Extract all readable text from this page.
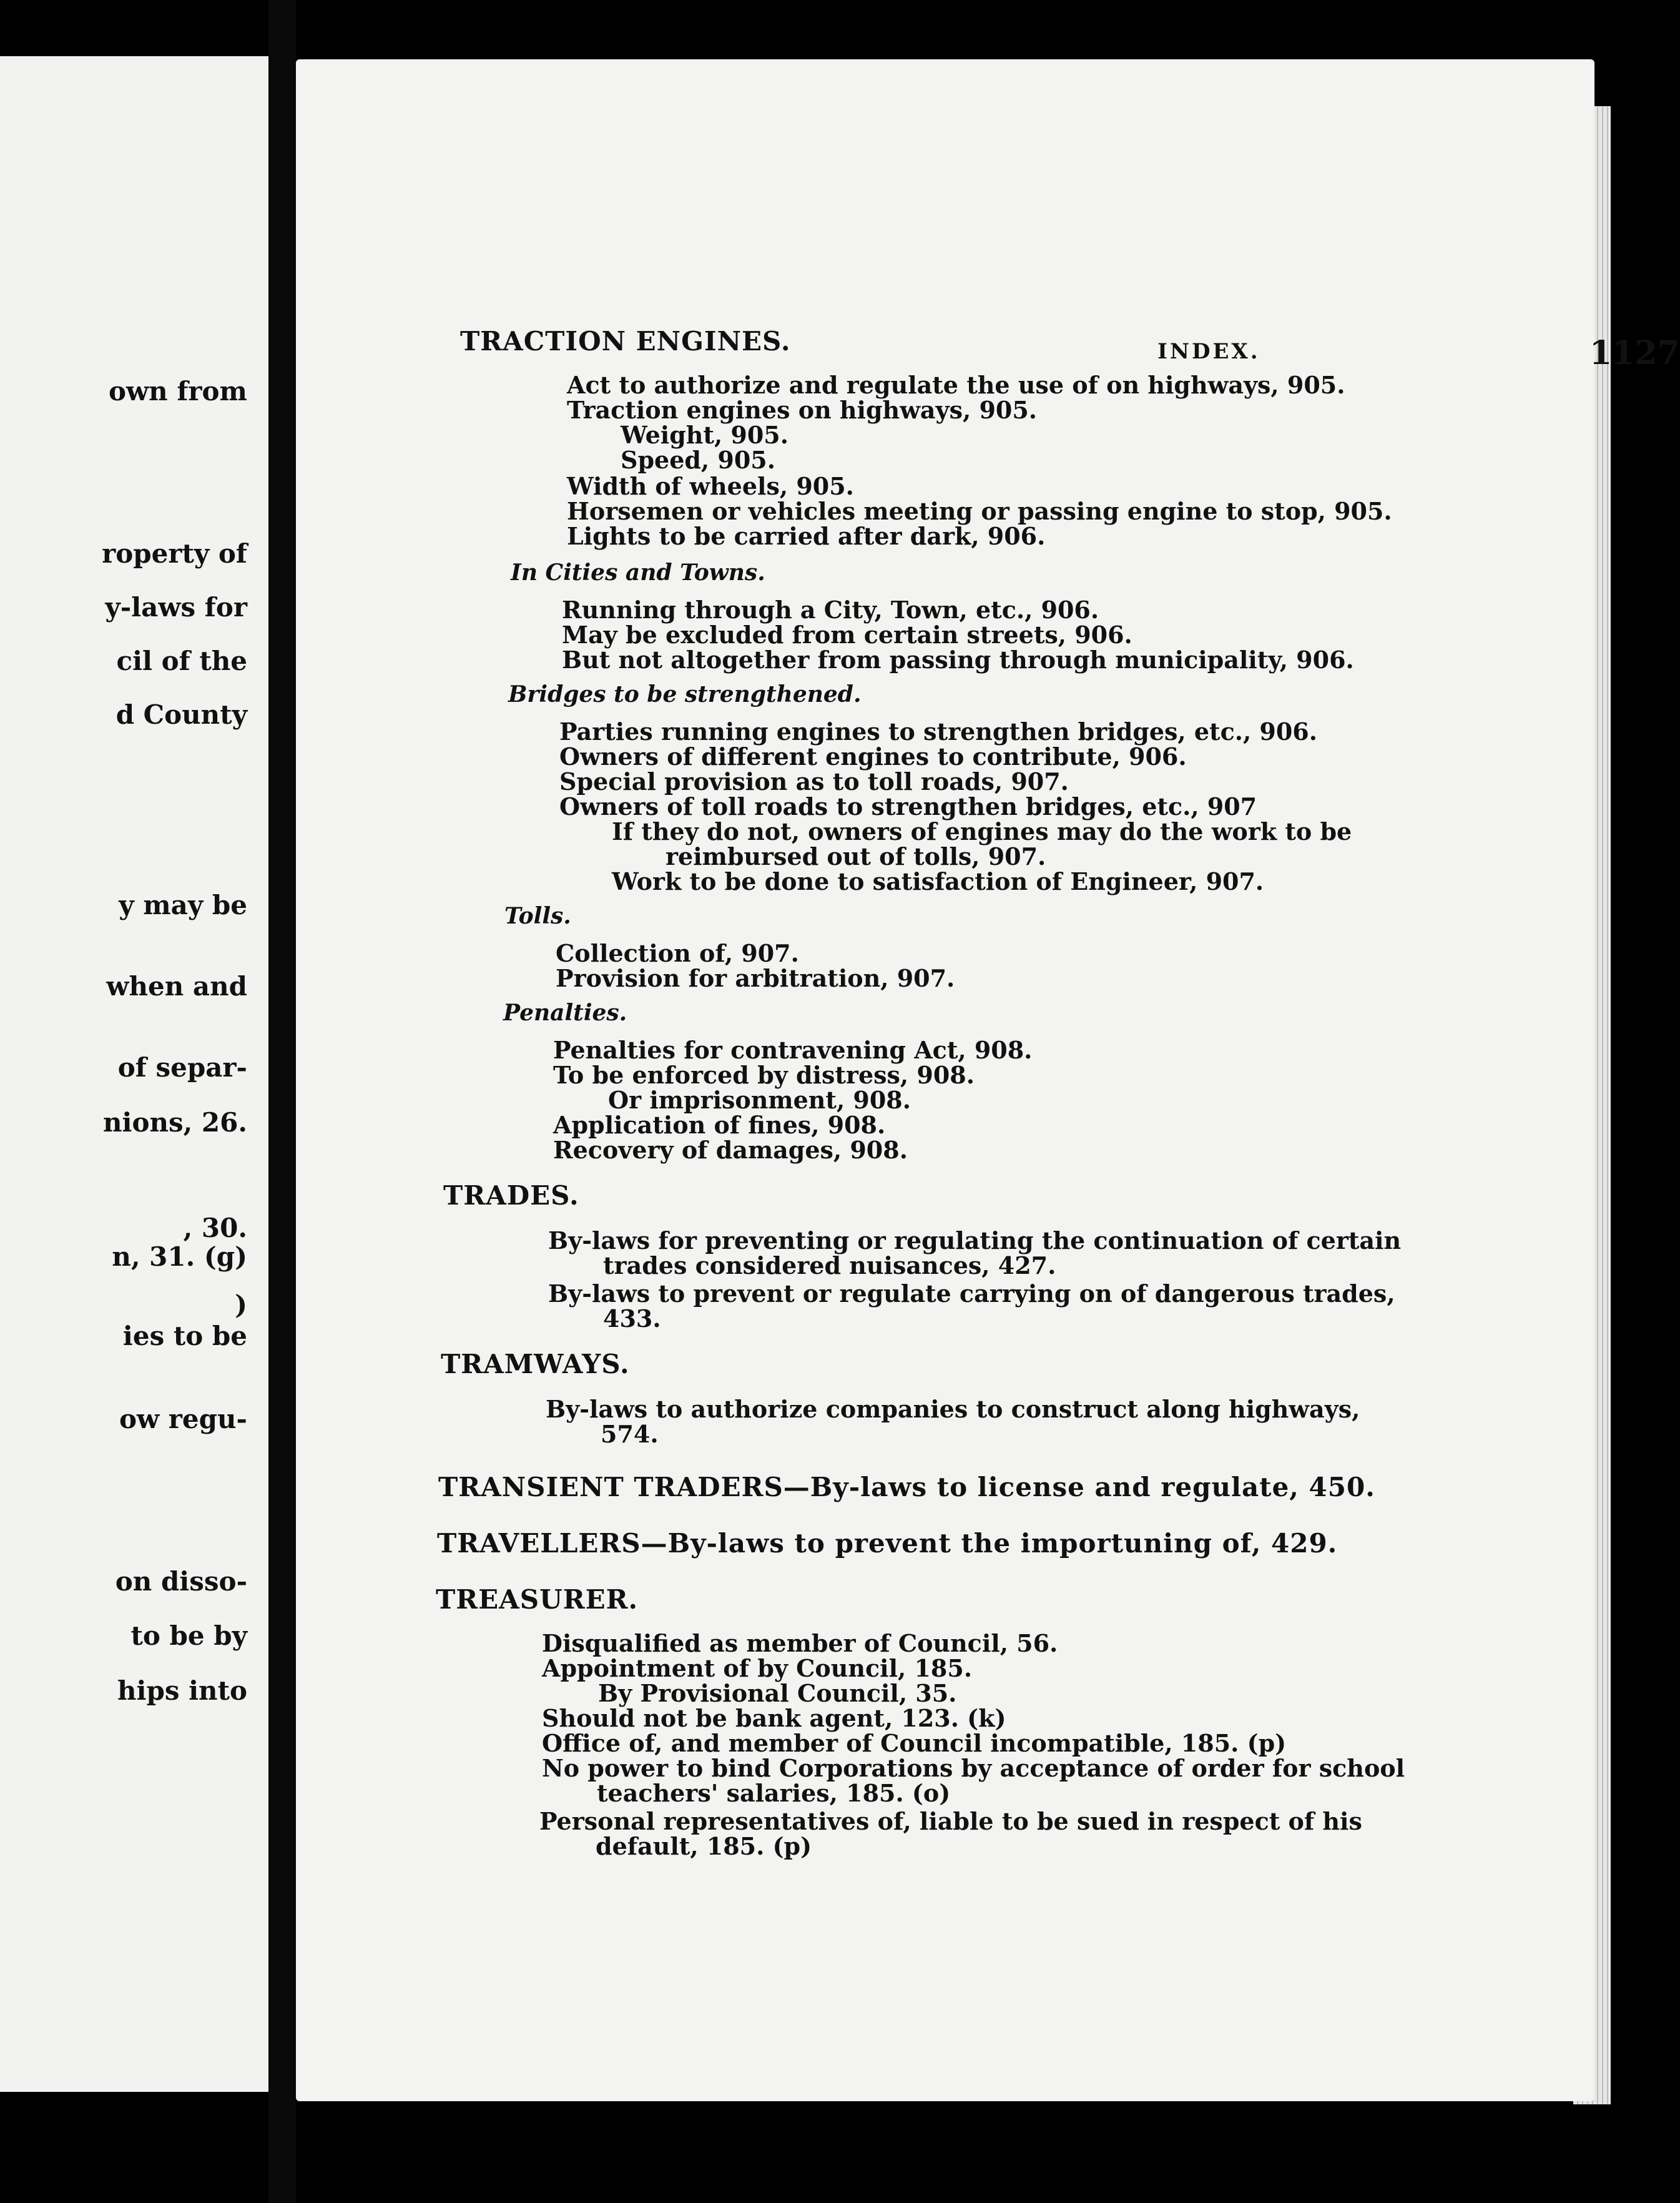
own from
roperty of
y-laws for
cil of the
d County
y may be
when and
of separ-
nions, 26.
, 30.
n, 31. (g)
)
ies to be
ow regu-
on disso-
to be by
hips into
INDEX.	1127
TRACTION ENGINES.
Act to authorize and regulate the use of on highways, 905.
Traction engines on highways, 905.
Weight, 905.
Speed, 905.
Width of wheels, 905.
Horsemen or vehicles meeting or passing engine to stop, 905.
Lights to be carried after dark, 906.
In Cities and Towns.
Running through a City, Town, etc., 906.
May be excluded from certain streets, 906.
But not altogether from passing through municipality, 906.
Bridges to be strengthened.
Parties running engines to strengthen bridges, etc., 906.
Owners of different engines to contribute, 906.
Special provision as to toll roads, 907.
Owners of toll roads to strengthen bridges, etc., 907
If they do not, owners of engines may do the work to be
reimbursed out of tolls, 907.
Work to be done to satisfaction of Engineer, 907.
Tolls.
Collection of, 907.
Provision for arbitration, 907.
Penalties.
Penalties for contravening Act, 908.
To be enforced by distress, 908.
Or imprisonment, 908.
Application of fines, 908.
Recovery of damages, 908.
TRADES.
By-laws for preventing or regulating the continuation of certain
trades considered nuisances, 427.
By-laws to prevent or regulate carrying on of dangerous trades,
433.
TRAMWAYS.
By-laws to authorize companies to construct along highways,
574.
TRANSIENT TRADERS—By-laws to license and regulate, 450.
TRAVELLERS—By-laws to prevent the importuning of, 429.
TREASURER.
Disqualified as member of Council, 56.
Appointment of by Council, 185.
By Provisional Council, 35.
Should not be bank agent, 123. (k)
Office of, and member of Council incompatible, 185. (p)
No power to bind Corporations by acceptance of order for school
teachers' salaries, 185. (o)
Personal representatives of, liable to be sued in respect of his
default, 185. (p)
